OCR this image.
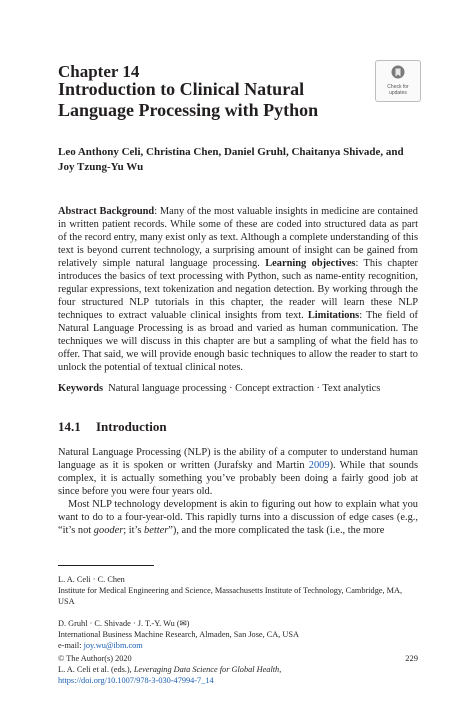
Chapter 14
Introduction to Clinical Natural Language Processing with Python
Check for
updates
Leo Anthony Celi, Christina Chen, Daniel Gruhl, Chaitanya Shivade, and Joy Tzung-Yu Wu
Abstract Background: Many of the most valuable insights in medicine are contained in written patient records. While some of these are coded into structured data as part of the record entry, many exist only as text. Although a complete understanding of this text is beyond current technology, a surprising amount of insight can be gained from relatively simple natural language processing. Learning objectives: This chapter introduces the basics of text processing with Python, such as name-entity recognition, regular expressions, text tokenization and negation detection. By working through the four structured NLP tutorials in this chapter, the reader will learn these NLP techniques to extract valuable clinical insights from text. Limitations: The field of Natural Language Processing is as broad and varied as human communication. The techniques we will discuss in this chapter are but a sampling of what the field has to offer. That said, we will provide enough basic techniques to allow the reader to start to unlock the potential of textual clinical notes.
Keywords Natural language processing · Concept extraction · Text analytics
14.1 Introduction

Natural Language Processing (NLP) is the ability of a computer to understand human language as it is spoken or written (Jurafsky and Martin 2009). While that sounds complex, it is actually something you’ve probably been doing a fairly good job at since before you were four years old.

Most NLP technology development is akin to figuring out how to explain what you want to do to a four-year-old. This rapidly turns into a discussion of edge cases (e.g., “it’s not gooder; it’s better”), and the more complicated the task (i.e., the more

L. A. Celi · C. Chen
Institute for Medical Engineering and Science, Massachusetts Institute of Technology, Cambridge, MA, USA
D. Gruhl · C. Shivade · J. T.-Y. Wu (✉)
International Business Machine Research, Almaden, San Jose, CA, USA
e-mail: joy.wu@ibm.com
© The Author(s) 2020
L. A. Celi et al. (eds.), Leveraging Data Science for Global Health,
https://doi.org/10.1007/978-3-030-47994-7_14
229
